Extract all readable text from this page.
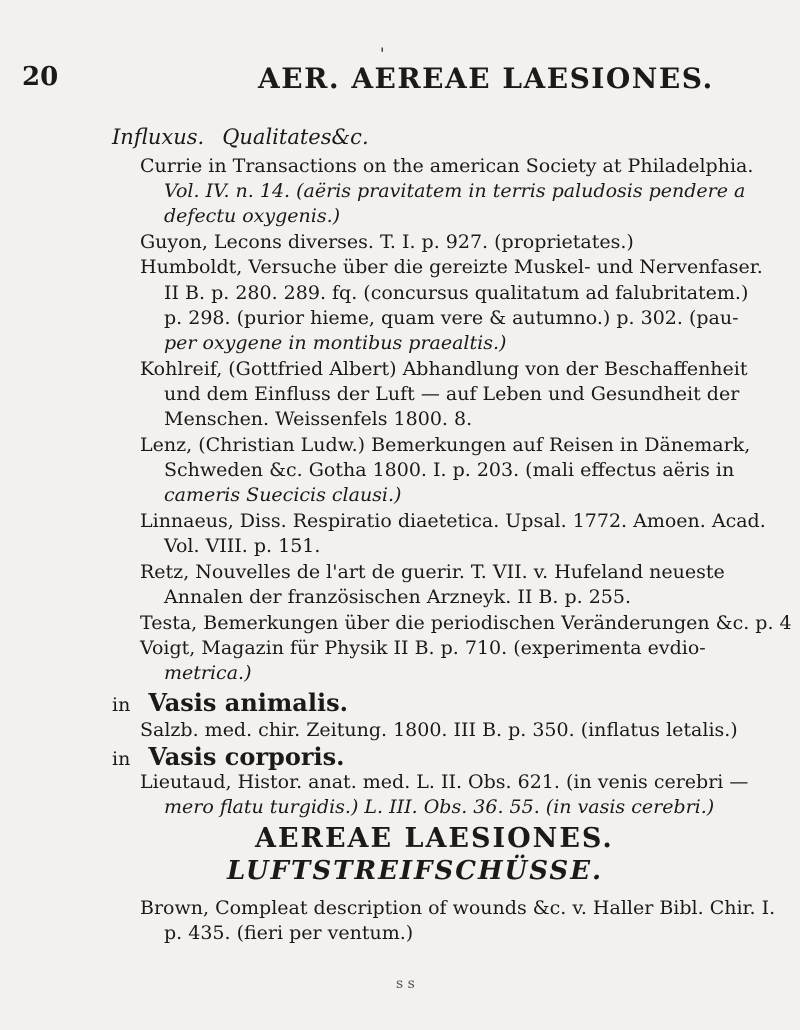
20
'
AER. AEREAE LAESIONES.
Influxus. Qualitates&c.
Currie in Transactions on the american Society at Philadelphia.
Vol. IV. n. 14. (aëris pravitatem in terris paludosis pendere a
defectu oxygenis.)
Guyon, Lecons diverses. T. I. p. 927. (proprietates.)
Humboldt, Versuche über die gereizte Muskel- und Nervenfaser.
II B. p. 280. 289. fq. (concursus qualitatum ad falubritatem.)
p. 298. (purior hieme, quam vere & autumno.) p. 302. (pau-
per oxygene in montibus praealtis.)
Kohlreif, (Gottfried Albert) Abhandlung von der Beschaffenheit
und dem Einfluss der Luft — auf Leben und Gesundheit der
Menschen. Weissenfels 1800. 8.
Lenz, (Christian Ludw.) Bemerkungen auf Reisen in Dänemark,
Schweden &c. Gotha 1800. I. p. 203. (mali effectus aëris in
cameris Suecicis clausi.)
Linnaeus, Diss. Respiratio diaetetica. Upsal. 1772. Amoen. Acad.
Vol. VIII. p. 151.
Retz, Nouvelles de l'art de guerir. T. VII. v. Hufeland neueste
Annalen der französischen Arzneyk. II B. p. 255.
Testa, Bemerkungen über die periodischen Veränderungen &c. p. 4
Voigt, Magazin für Physik II B. p. 710. (experimenta evdio-
metrica.)
in Vasis animalis.
Salzb. med. chir. Zeitung. 1800. III B. p. 350. (inflatus letalis.)
in Vasis corporis.
Lieutaud, Histor. anat. med. L. II. Obs. 621. (in venis cerebri —
mero flatu turgidis.) L. III. Obs. 36. 55. (in vasis cerebri.)
AEREAE LAESIONES.
LUFTSTREIFSCHÜSSE.
Brown, Compleat description of wounds &c. v. Haller Bibl. Chir. I.
p. 435. (fieri per ventum.)
ꜱ ꜱ
